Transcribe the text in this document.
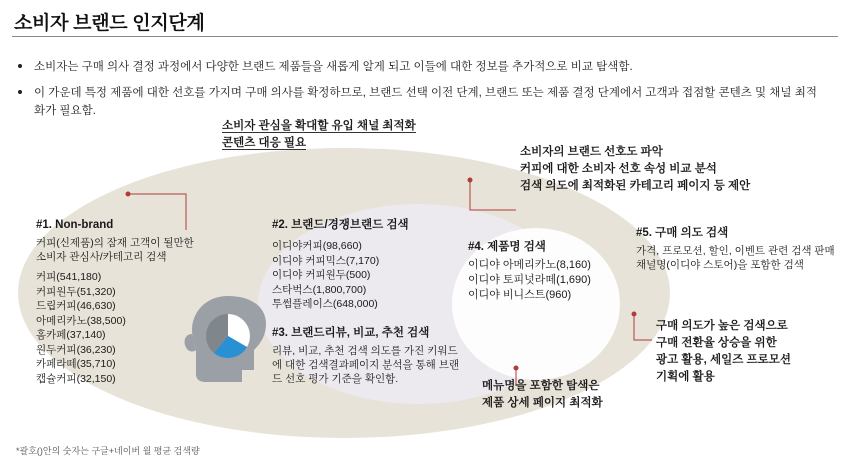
소비자 브랜드 인지단계
소비자는 구매 의사 결정 과정에서 다양한 브랜드 제품들을 새롭게 알게 되고 이들에 대한 정보를 추가적으로 비교 탐색함.
이 가운데 특정 제품에 대한 선호를 가지며 구매 의사를 확정하므로, 브랜드 선택 이전 단계, 브랜드 또는 제품 결정 단계에서 고객과 접점할 콘텐츠 및 채널 최적화가 필요함.
#1. Non-brand
커피(신제품)의 잠재 고객이 될만한 소비자 관심사/카테고리 검색
커피(541,180)
커피원두(51,320)
드립커피(46,630)
아메리카노(38,500)
홈카페(37,140)
원두커피(36,230)
카페라떼(35,710)
캡슐커피(32,150)
#2. 브랜드/경쟁브랜드 검색
이디야커피(98,660)
이디야 커피믹스(7,170)
이디야 커피원두(500)
스타벅스(1,800,700)
투썸플레이스(648,000)
#3. 브랜드리뷰, 비교, 추천 검색
리뷰, 비교, 추천 검색 의도를 가진 키워드에 대한 검색결과페이지 분석을 통해 브랜드 선호 평가 기준을 확인함.
#4. 제품명 검색
이디야 아메리카노(8,160)
이디야 토피넛라떼(1,690)
이디야 비니스트(960)
#5. 구매 의도 검색
가격, 프로모션, 할인, 이벤트 관련 검색 판매 채널명(이디야 스토어)을 포함한 검색
소비자 관심을 확대할 유입 채널 최적화
콘텐츠 대응 필요
소비자의 브랜드 선호도 파악
커피에 대한 소비자 선호 속성 비교 분석
검색 의도에 최적화된 카테고리 페이지 등 제안
구매 의도가 높은 검색으로
구매 전환율 상승을 위한
광고 활용, 세일즈 프로모션
기획에 활용
메뉴명을 포함한 탐색은
제품 상세 페이지 최적화
*괄호()안의 숫자는 구글+네이버 월 평균 검색량
